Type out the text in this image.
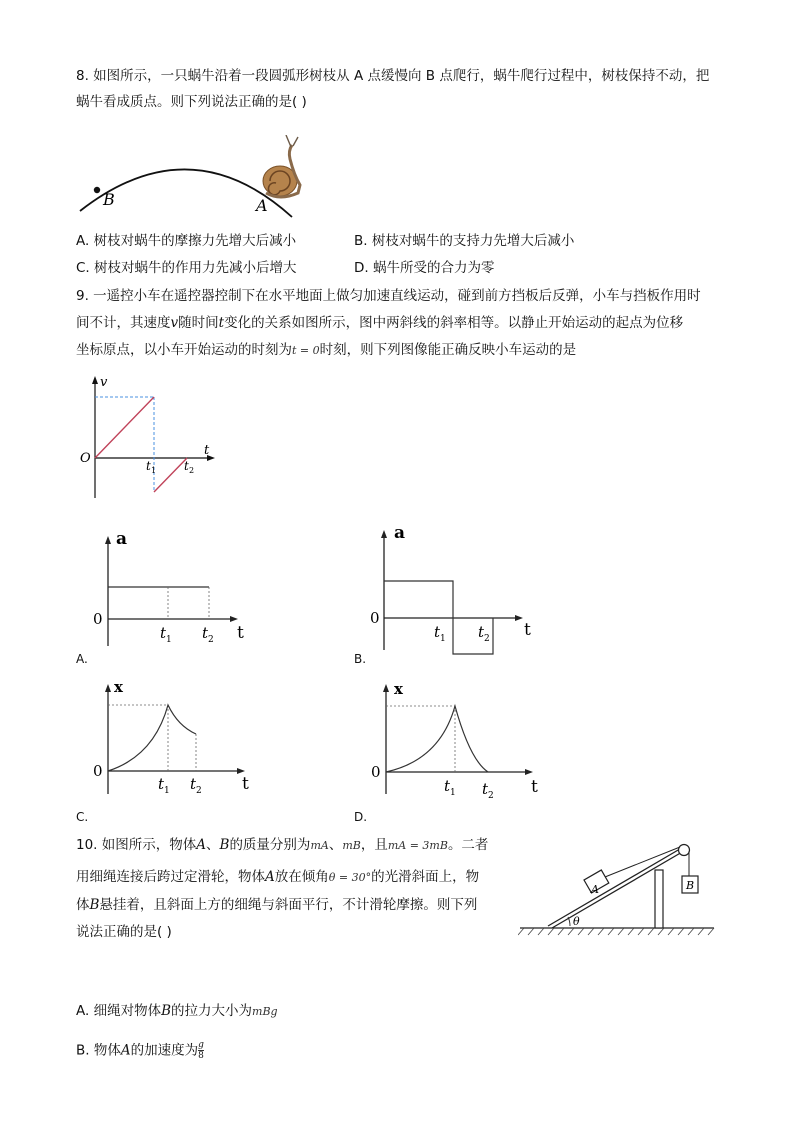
8. 如图所示，一只蜗牛沿着一段圆弧形树枝从 A 点缓慢向 B 点爬行，蜗牛爬行过程中，树枝保持不动，把
蜗牛看成质点。则下列说法正确的是( )
B	A
A. 树枝对蜗牛的摩擦力先增大后减小	B. 树枝对蜗牛的支持力先增大后减小
C. 树枝对蜗牛的作用力先减小后增大	D. 蜗牛所受的合力为零
9. 一遥控小车在遥控器控制下在水平地面上做匀加速直线运动，碰到前方挡板后反弹，小车与挡板作用时
间不计，其速度v随时间t变化的关系如图所示，图中两斜线的斜率相等。以静止开始运动的起点为位移
坐标原点，以小车开始运动的时刻为t = 0时刻，则下列图像能正确反映小车运动的是
v
t
O	t 1 t 2
a
0
t
t 1 t 2
A.
a
0
t
t 1 t 2
B.
x
0
t
t 1 t 2
C.
x
0
t
t 1 t 2
D.
10. 如图所示，物体A、B的质量分别为mA、mB，且mA = 3mB。二者
用细绳连接后跨过定滑轮，物体A放在倾角θ = 30°的光滑斜面上，物
体B悬挂着，且斜面上方的细绳与斜面平行，不计滑轮摩擦。则下列
说法正确的是( )
A	B
θ
A. 细绳对物体B的拉力大小为mBg
B. 物体A的加速度为 $\frac{g}{8}$
